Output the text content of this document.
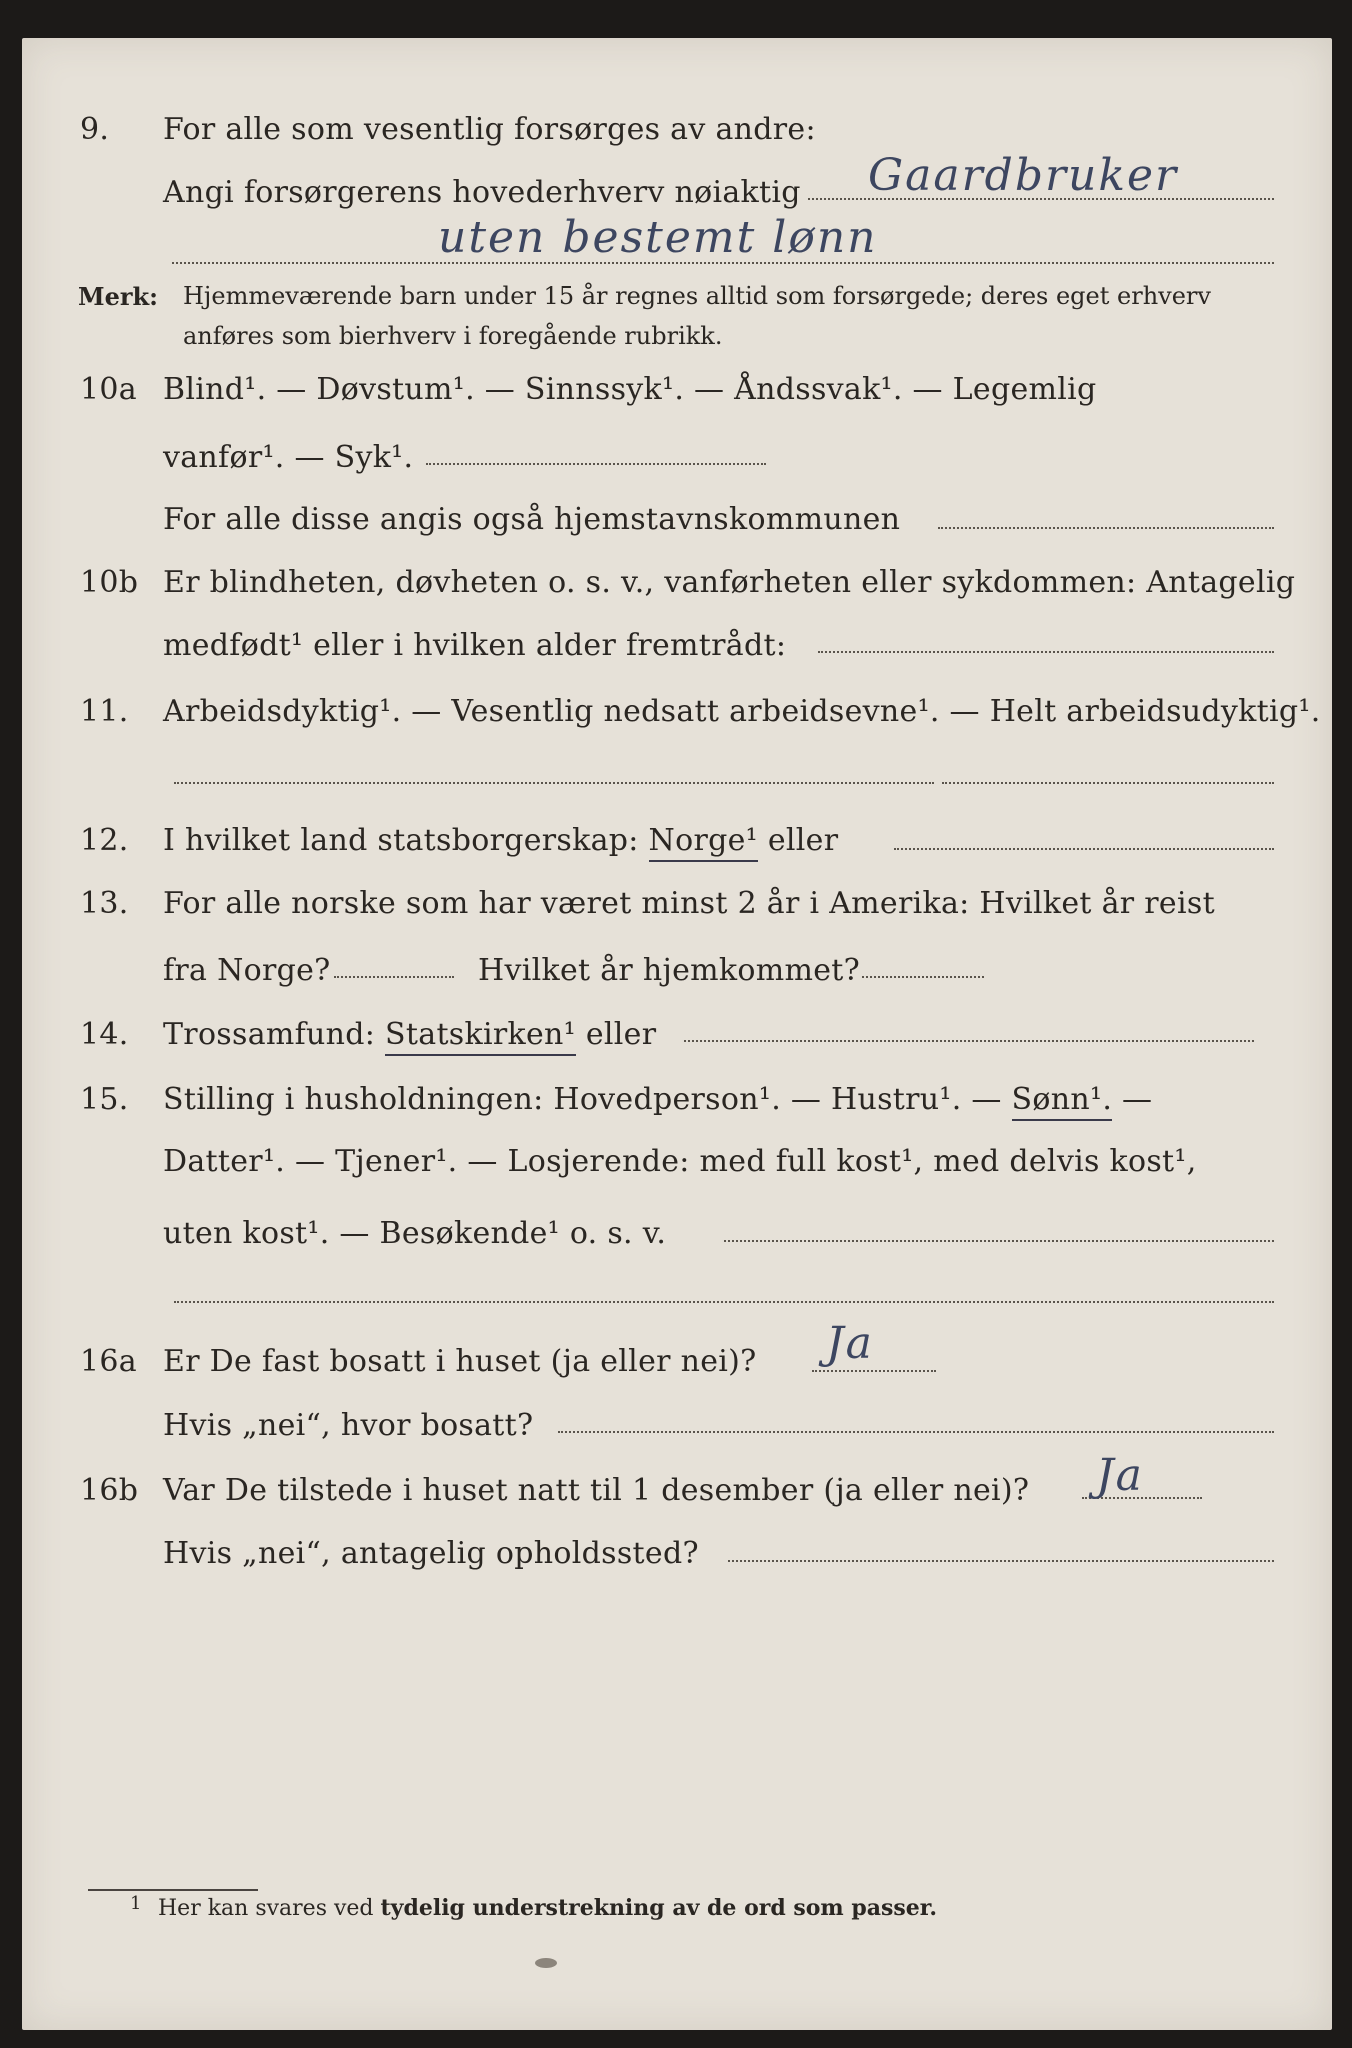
9. For alle som vesentlig forsørges av andre:
Angi forsørgerens hovederhverv nøiaktig Gaardbruker
uten bestemt lønn
Merk: Hjemmeværende barn under 15 år regnes alltid som forsørgede; deres eget erhverv
anføres som bierhverv i foregående rubrikk.
10a Blind¹. — Døvstum¹. — Sinnssyk¹. — Åndssvak¹. — Legemlig
vanfør¹. — Syk¹.
For alle disse angis også hjemstavnskommunen
10b Er blindheten, døvheten o. s. v., vanførheten eller sykdommen: Antagelig
medfødt¹ eller i hvilken alder fremtrådt:
11. Arbeidsdyktig¹. — Vesentlig nedsatt arbeidsevne¹. — Helt arbeidsudyktig¹.
12. I hvilket land statsborgerskap: Norge¹ eller
13. For alle norske som har været minst 2 år i Amerika: Hvilket år reist
fra Norge?	Hvilket år hjemkommet?
14. Trossamfund: Statskirken¹ eller
15. Stilling i husholdningen: Hovedperson¹. — Hustru¹. — Sønn¹. —
Datter¹. — Tjener¹. — Losjerende: med full kost¹, med delvis kost¹,
uten kost¹. — Besøkende¹ o. s. v.
16a Er De fast bosatt i huset (ja eller nei)? Ja
Hvis „nei“, hvor bosatt?
16b Var De tilstede i huset natt til 1 desember (ja eller nei)? Ja
Hvis „nei“, antagelig opholdssted?
1 Her kan svares ved tydelig understrekning av de ord som passer.
